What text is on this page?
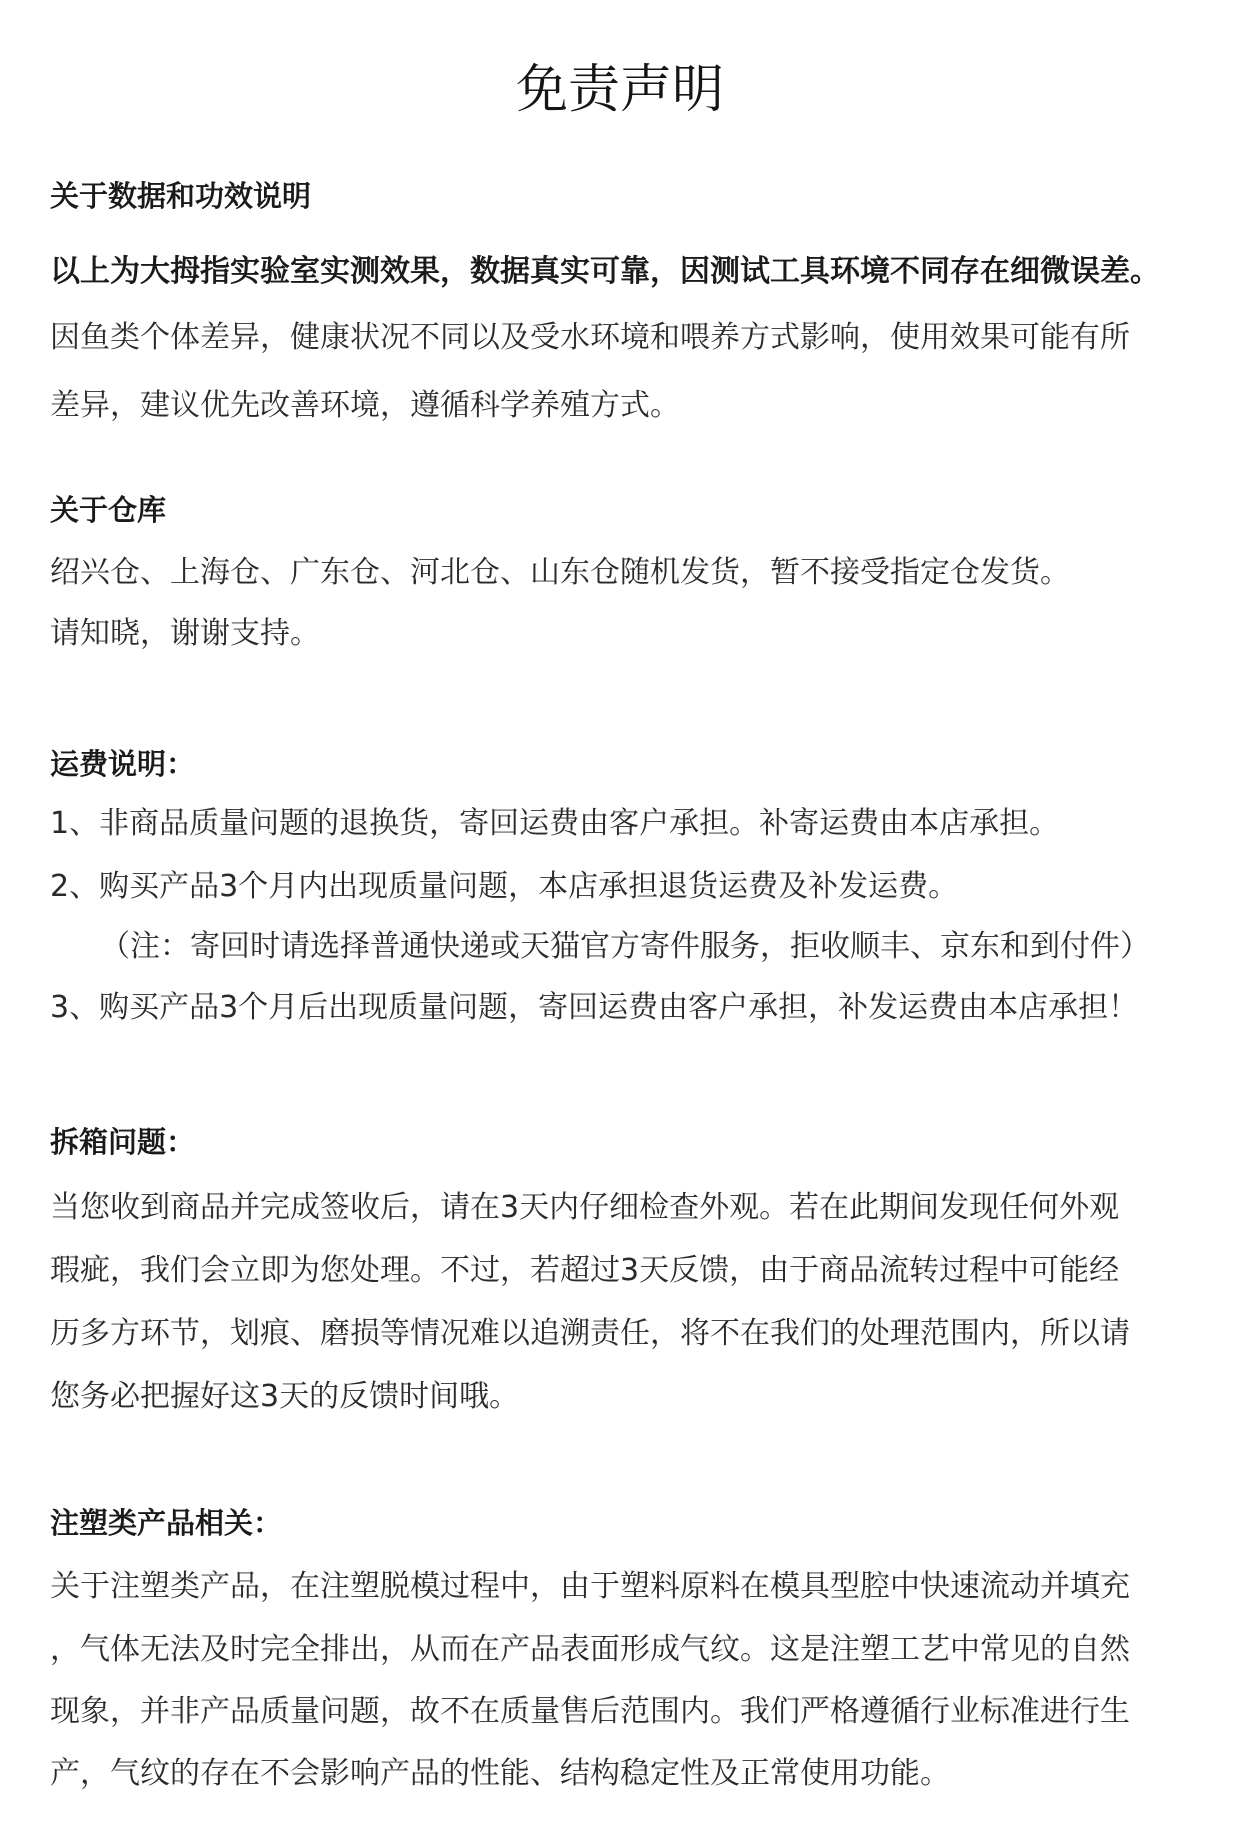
免责声明
关于数据和功效说明

以上为大拇指实验室实测效果，数据真实可靠，因测试工具环境不同存在细微误差。

因鱼类个体差异，健康状况不同以及受水环境和喂养方式影响，使用效果可能有所

差异，建议优先改善环境，遵循科学养殖方式。

关于仓库

绍兴仓、上海仓、广东仓、河北仓、山东仓随机发货，暂不接受指定仓发货。

请知晓，谢谢支持。

运费说明：

1、非商品质量问题的退换货，寄回运费由客户承担。补寄运费由本店承担。

2、购买产品3个月内出现质量问题，本店承担退货运费及补发运费。

（注：寄回时请选择普通快递或天猫官方寄件服务，拒收顺丰、京东和到付件）

3、购买产品3个月后出现质量问题，寄回运费由客户承担，补发运费由本店承担！

拆箱问题：

当您收到商品并完成签收后，请在3天内仔细检查外观。若在此期间发现任何外观

瑕疵，我们会立即为您处理。不过，若超过3天反馈，由于商品流转过程中可能经

历多方环节，划痕、磨损等情况难以追溯责任，将不在我们的处理范围内，所以请

您务必把握好这3天的反馈时间哦。

注塑类产品相关：

关于注塑类产品，在注塑脱模过程中，由于塑料原料在模具型腔中快速流动并填充

，气体无法及时完全排出，从而在产品表面形成气纹。这是注塑工艺中常见的自然

现象，并非产品质量问题，故不在质量售后范围内。我们严格遵循行业标准进行生

产，气纹的存在不会影响产品的性能、结构稳定性及正常使用功能。
